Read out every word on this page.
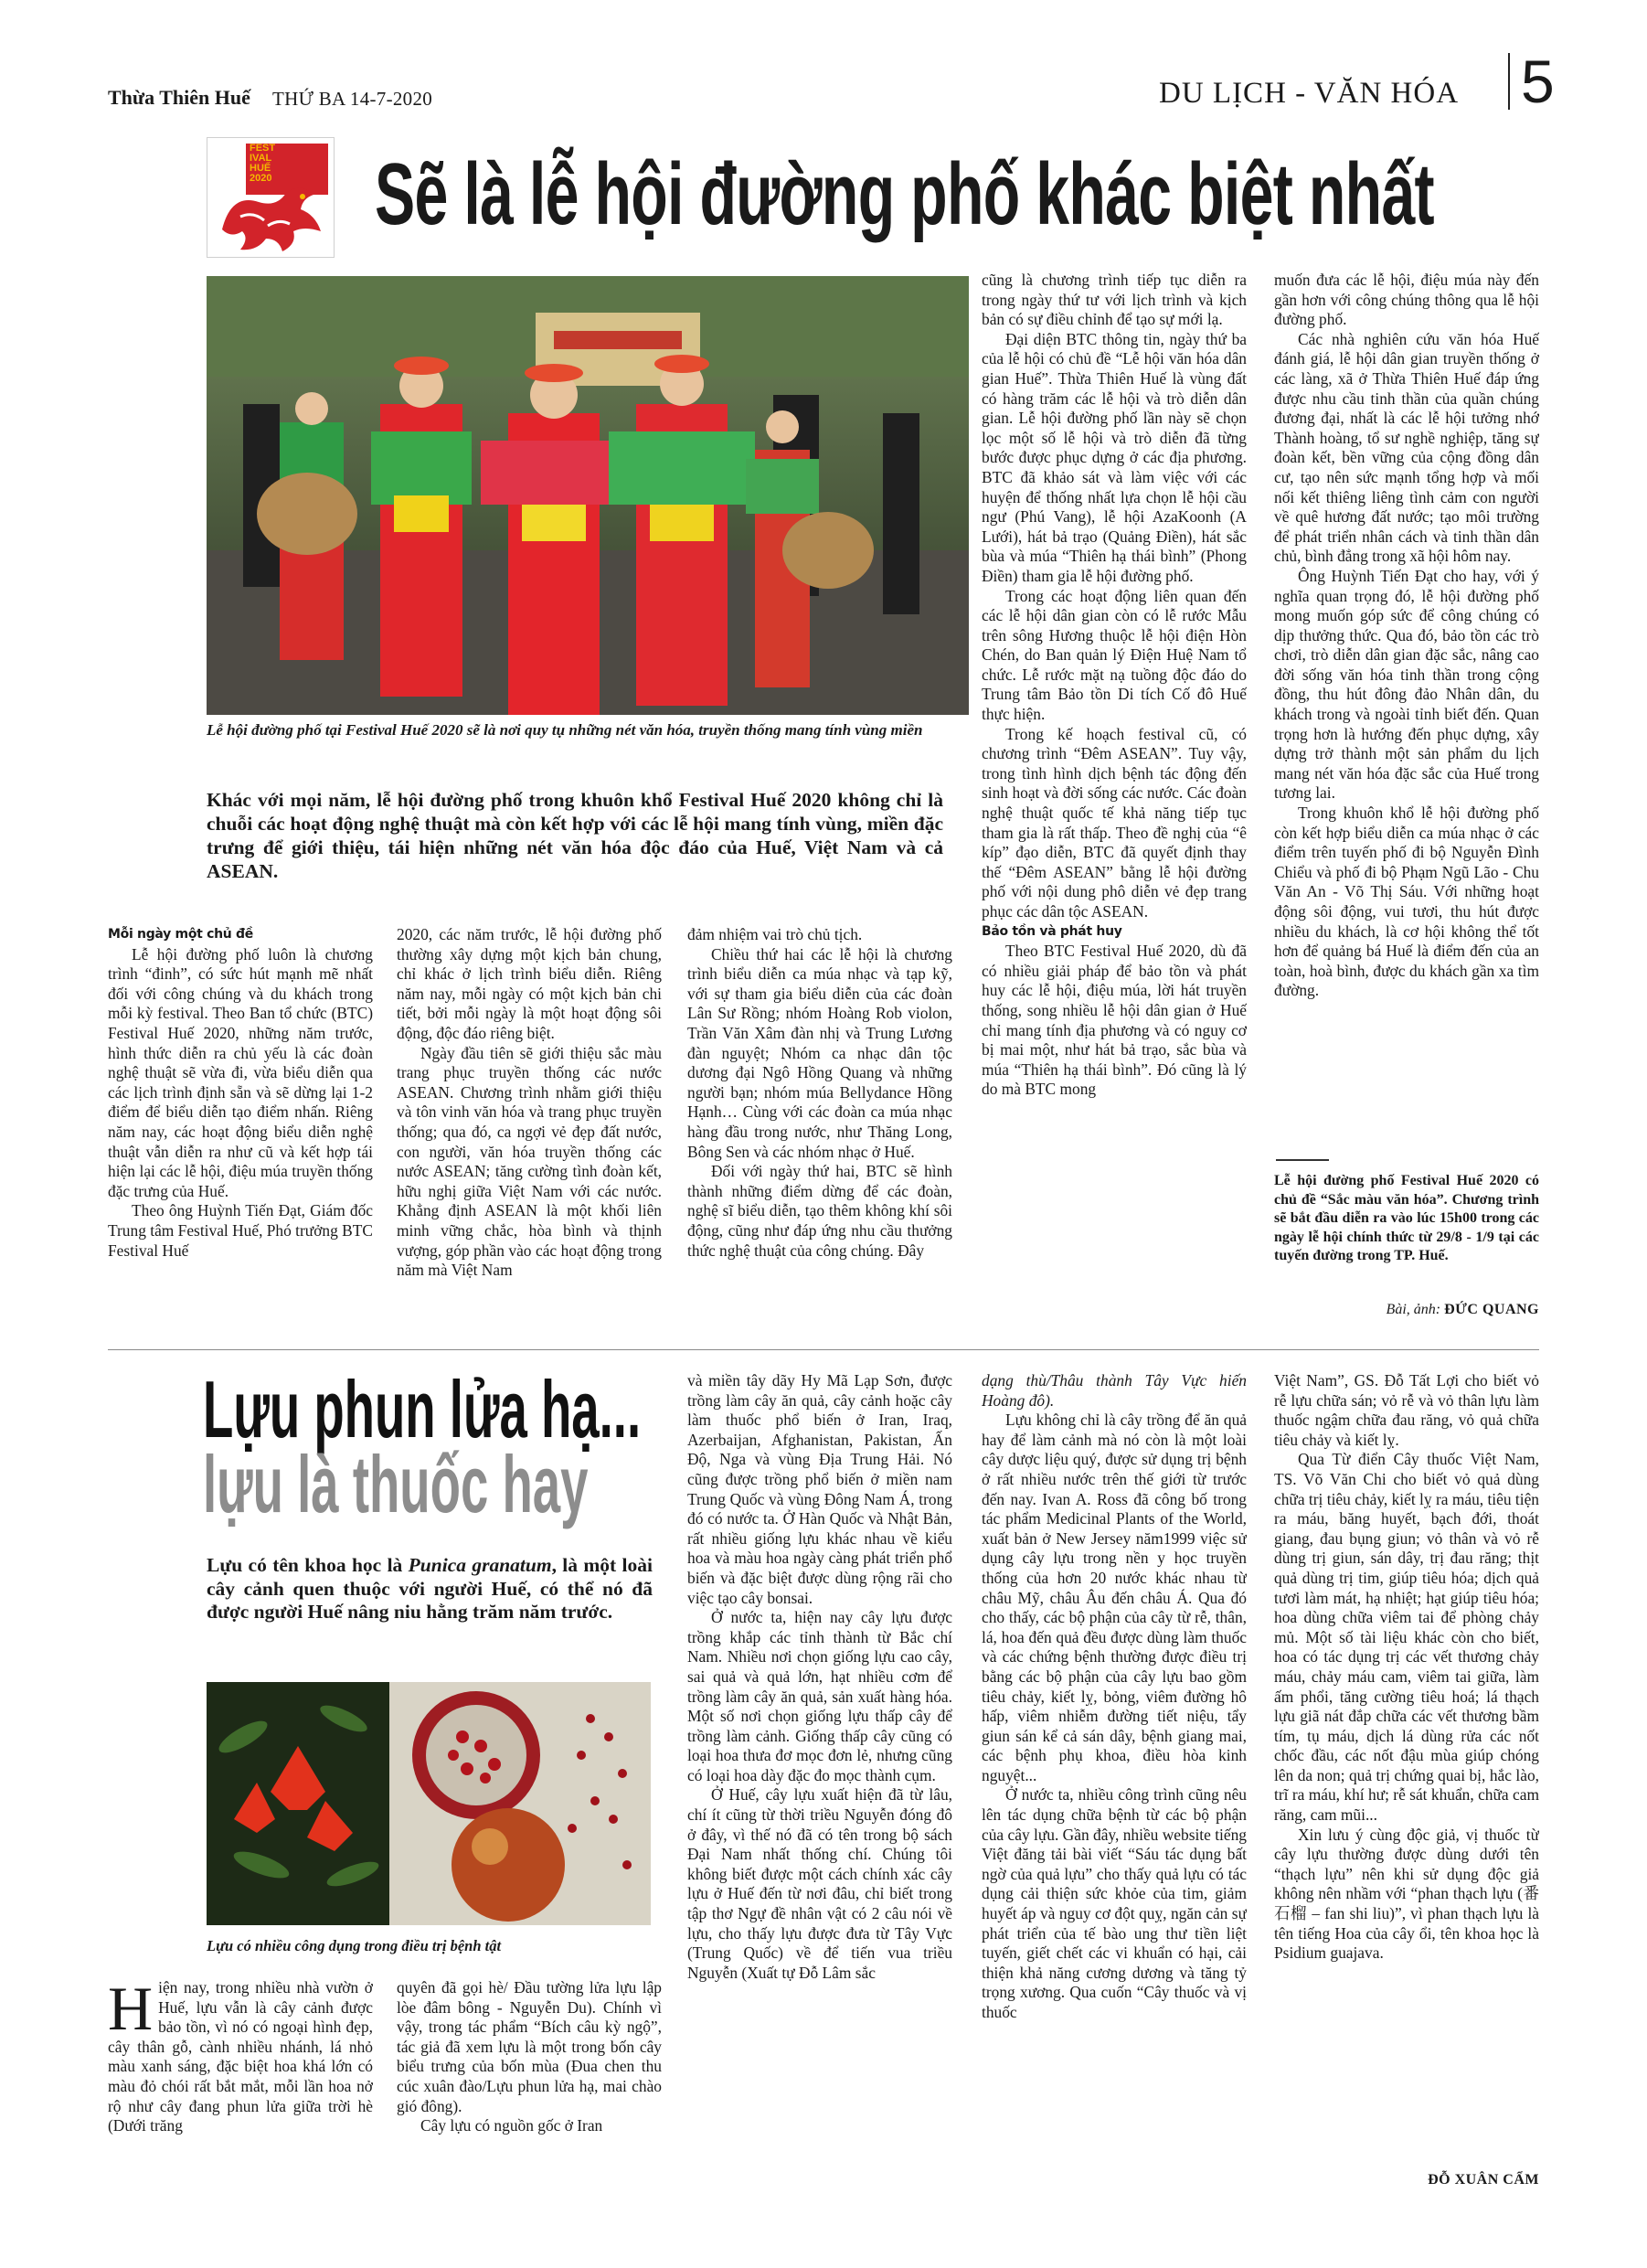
Thừa Thiên Huế THỨ BA 14-7-2020	DU LỊCH - VĂN HÓA 5
FEST
IVAL
HUẾ
2020 Sẽ là lễ hội đường phố khác biệt nhất
Lễ hội đường phố tại Festival Huế 2020 sẽ là nơi quy tụ những nét văn hóa, truyền thống mang tính vùng miền
Khác với mọi năm, lễ hội đường phố trong khuôn khổ Festival Huế 2020 không chỉ là chuỗi các hoạt động nghệ thuật mà còn kết hợp với các lễ hội mang tính vùng, miền đặc trưng để giới thiệu, tái hiện những nét văn hóa độc đáo của Huế, Việt Nam và cả ASEAN.
Mỗi ngày một chủ đề

Lễ hội đường phố luôn là chương trình “đinh”, có sức hút mạnh mẽ nhất đối với công chúng và du khách trong mỗi kỳ festival. Theo Ban tổ chức (BTC) Festival Huế 2020, những năm trước, hình thức diễn ra chủ yếu là các đoàn nghệ thuật sẽ vừa đi, vừa biểu diễn qua các lịch trình định sẵn và sẽ dừng lại 1-2 điểm để biểu diễn tạo điểm nhấn. Riêng năm nay, các hoạt động biểu diễn nghệ thuật vẫn diễn ra như cũ và kết hợp tái hiện lại các lễ hội, điệu múa truyền thống đặc trưng của Huế.

Theo ông Huỳnh Tiến Đạt, Giám đốc Trung tâm Festival Huế, Phó trưởng BTC Festival Huế

2020, các năm trước, lễ hội đường phố thường xây dựng một kịch bản chung, chỉ khác ở lịch trình biểu diễn. Riêng năm nay, mỗi ngày có một kịch bản chi tiết, bởi mỗi ngày là một hoạt động sôi động, độc đáo riêng biệt.

Ngày đầu tiên sẽ giới thiệu sắc màu trang phục truyền thống các nước ASEAN. Chương trình nhằm giới thiệu và tôn vinh văn hóa và trang phục truyền thống; qua đó, ca ngợi vẻ đẹp đất nước, con người, văn hóa truyền thống các nước ASEAN; tăng cường tình đoàn kết, hữu nghị giữa Việt Nam với các nước. Khẳng định ASEAN là một khối liên minh vững chắc, hòa bình và thịnh vượng, góp phần vào các hoạt động trong năm mà Việt Nam

đảm nhiệm vai trò chủ tịch.

Chiều thứ hai các lễ hội là chương trình biểu diễn ca múa nhạc và tạp kỹ, với sự tham gia biểu diễn của các đoàn Lân Sư Rồng; nhóm Hoàng Rob violon, Trần Văn Xâm đàn nhị và Trung Lương đàn nguyệt; Nhóm ca nhạc dân tộc dương đại Ngô Hồng Quang và những người bạn; nhóm múa Bellydance Hồng Hạnh… Cùng với các đoàn ca múa nhạc hàng đầu trong nước, như Thăng Long, Bông Sen và các nhóm nhạc ở Huế.

Đối với ngày thứ hai, BTC sẽ hình thành những điểm dừng để các đoàn, nghệ sĩ biểu diễn, tạo thêm không khí sôi động, cũng như đáp ứng nhu cầu thưởng thức nghệ thuật của công chúng. Đây

cũng là chương trình tiếp tục diễn ra trong ngày thứ tư với lịch trình và kịch bản có sự điều chỉnh để tạo sự mới lạ.

Đại diện BTC thông tin, ngày thứ ba của lễ hội có chủ đề “Lễ hội văn hóa dân gian Huế”. Thừa Thiên Huế là vùng đất có hàng trăm các lễ hội và trò diễn dân gian. Lễ hội đường phố lần này sẽ chọn lọc một số lễ hội và trò diễn đã từng bước được phục dựng ở các địa phương. BTC đã khảo sát và làm việc với các huyện để thống nhất lựa chọn lễ hội cầu ngư (Phú Vang), lễ hội AzaKoonh (A Lưới), hát bả trạo (Quảng Điền), hát sắc bùa và múa “Thiên hạ thái bình” (Phong Điền) tham gia lễ hội đường phố.

Trong các hoạt động liên quan đến các lễ hội dân gian còn có lễ rước Mẫu trên sông Hương thuộc lễ hội điện Hòn Chén, do Ban quản lý Điện Huệ Nam tổ chức. Lễ rước mặt nạ tuồng độc đáo do Trung tâm Bảo tồn Di tích Cố đô Huế thực hiện.

Trong kế hoạch festival cũ, có chương trình “Đêm ASEAN”. Tuy vậy, trong tình hình dịch bệnh tác động đến sinh hoạt và đời sống các nước. Các đoàn nghệ thuật quốc tế khả năng tiếp tục tham gia là rất thấp. Theo đề nghị của “ê kíp” đạo diễn, BTC đã quyết định thay thế “Đêm ASEAN” bằng lễ hội đường phố với nội dung phô diễn vẻ đẹp trang phục các dân tộc ASEAN.

Bảo tồn và phát huy

Theo BTC Festival Huế 2020, dù đã có nhiều giải pháp để bảo tồn và phát huy các lễ hội, điệu múa, lời hát truyền thống, song nhiều lễ hội dân gian ở Huế chỉ mang tính địa phương và có nguy cơ bị mai một, như hát bả trạo, sắc bùa và múa “Thiên hạ thái bình”. Đó cũng là lý do mà BTC mong

muốn đưa các lễ hội, điệu múa này đến gần hơn với công chúng thông qua lễ hội đường phố.

Các nhà nghiên cứu văn hóa Huế đánh giá, lễ hội dân gian truyền thống ở các làng, xã ở Thừa Thiên Huế đáp ứng được nhu cầu tinh thần của quần chúng đương đại, nhất là các lễ hội tưởng nhớ Thành hoàng, tổ sư nghề nghiệp, tăng sự đoàn kết, bền vững của cộng đồng dân cư, tạo nên sức mạnh tổng hợp và mối nối kết thiêng liêng tình cảm con người về quê hương đất nước; tạo môi trường để phát triển nhân cách và tinh thần dân chủ, bình đẳng trong xã hội hôm nay.

Ông Huỳnh Tiến Đạt cho hay, với ý nghĩa quan trọng đó, lễ hội đường phố mong muốn góp sức để công chúng có dịp thưởng thức. Qua đó, bảo tồn các trò chơi, trò diễn dân gian đặc sắc, nâng cao đời sống văn hóa tinh thần trong cộng đồng, thu hút đông đảo Nhân dân, du khách trong và ngoài tỉnh biết đến. Quan trọng hơn là hướng đến phục dựng, xây dựng trở thành một sản phẩm du lịch mang nét văn hóa đặc sắc của Huế trong tương lai.

Trong khuôn khổ lễ hội đường phố còn kết hợp biểu diễn ca múa nhạc ở các điểm trên tuyến phố đi bộ Nguyễn Đình Chiểu và phố đi bộ Phạm Ngũ Lão - Chu Văn An - Võ Thị Sáu. Với những hoạt động sôi động, vui tươi, thu hút được nhiều du khách, là cơ hội không thể tốt hơn để quảng bá Huế là điểm đến của an toàn, hoà bình, được du khách gần xa tìm đường.

Lễ hội đường phố Festival Huế 2020 có chủ đề “Sắc màu văn hóa”. Chương trình sẽ bắt đầu diễn ra vào lúc 15h00 trong các ngày lễ hội chính thức từ 29/8 - 1/9 tại các tuyến đường trong TP. Huế.
Bài, ảnh: ĐỨC QUANG
Lựu phun lửa hạ...
lựu là thuốc hay
Lựu có tên khoa học là Punica granatum, là một loài cây cảnh quen thuộc với người Huế, có thể nó đã được người Huế nâng niu hằng trăm năm trước.
Lựu có nhiều công dụng trong điều trị bệnh tật

Hiện nay, trong nhiều nhà vườn ở Huế, lựu vẫn là cây cảnh được bảo tồn, vì nó có ngoại hình đẹp, cây thân gỗ, cành nhiều nhánh, lá nhỏ màu xanh sáng, đặc biệt hoa khá lớn có màu đỏ chói rất bắt mắt, mỗi lần hoa nở rộ như cây đang phun lửa giữa trời hè (Dưới trăng

quyên đã gọi hè/ Đầu tường lửa lựu lập lòe đâm bông - Nguyễn Du). Chính vì vậy, trong tác phẩm “Bích câu kỳ ngộ”, tác giả đã xem lựu là một trong bốn cây biểu trưng của bốn mùa (Đua chen thu cúc xuân đào/Lựu phun lửa hạ, mai chào gió đông).

Cây lựu có nguồn gốc ở Iran

và miền tây dãy Hy Mã Lạp Sơn, được trồng làm cây ăn quả, cây cảnh hoặc cây làm thuốc phổ biến ở Iran, Iraq, Azerbaijan, Afghanistan, Pakistan, Ấn Độ, Nga và vùng Địa Trung Hải. Nó cũng được trồng phổ biến ở miền nam Trung Quốc và vùng Đông Nam Á, trong đó có nước ta. Ở Hàn Quốc và Nhật Bản, rất nhiều giống lựu khác nhau về kiểu hoa và màu hoa ngày càng phát triển phổ biến và đặc biệt được dùng rộng rãi cho việc tạo cây bonsai.

Ở nước ta, hiện nay cây lựu được trồng khắp các tỉnh thành từ Bắc chí Nam. Nhiều nơi chọn giống lựu cao cây, sai quả và quả lớn, hạt nhiều cơm để trồng làm cây ăn quả, sản xuất hàng hóa. Một số nơi chọn giống lựu thấp cây để trồng làm cảnh. Giống thấp cây cũng có loại hoa thưa đơ mọc đơn lẻ, nhưng cũng có loại hoa dày đặc đo mọc thành cụm.

Ở Huế, cây lựu xuất hiện đã từ lâu, chí ít cũng từ thời triều Nguyễn đóng đô ở đây, vì thế nó đã có tên trong bộ sách Đại Nam nhất thống chí. Chúng tôi không biết được một cách chính xác cây lựu ở Huế đến từ nơi đâu, chỉ biết trong tập thơ Ngự đề nhân vật có 2 câu nói về lựu, cho thấy lựu được đưa từ Tây Vực (Trung Quốc) về để tiến vua triều Nguyễn (Xuất tự Đỗ Lâm sắc

dạng thù/Thâu thành Tây Vực hiến Hoàng đô).

Lựu không chỉ là cây trồng để ăn quả hay để làm cảnh mà nó còn là một loài cây dược liệu quý, được sử dụng trị bệnh ở rất nhiều nước trên thế giới từ trước đến nay. Ivan A. Ross đã công bố trong tác phẩm Medicinal Plants of the World, xuất bản ở New Jersey năm1999 việc sử dụng cây lựu trong nền y học truyền thống của hơn 20 nước khác nhau từ châu Mỹ, châu Âu đến châu Á. Qua đó cho thấy, các bộ phận của cây từ rễ, thân, lá, hoa đến quả đều được dùng làm thuốc và các chứng bệnh thường được điều trị bằng các bộ phận của cây lựu bao gồm tiêu chảy, kiết lỵ, bỏng, viêm đường hô hấp, viêm nhiễm đường tiết niệu, tẩy giun sán kể cả sán dây, bệnh giang mai, các bệnh phụ khoa, điều hòa kinh nguyệt...

Ở nước ta, nhiều công trình cũng nêu lên tác dụng chữa bệnh từ các bộ phận của cây lựu. Gần đây, nhiều website tiếng Việt đăng tải bài viết “Sáu tác dụng bất ngờ của quả lựu” cho thấy quả lựu có tác dụng cải thiện sức khỏe của tim, giảm huyết áp và nguy cơ đột quỵ, ngăn cản sự phát triển của tế bào ung thư tiền liệt tuyến, giết chết các vi khuẩn có hại, cải thiện khả năng cương dương và tăng tỷ trọng xương. Qua cuốn “Cây thuốc và vị thuốc

Việt Nam”, GS. Đỗ Tất Lợi cho biết vỏ rễ lựu chữa sán; vỏ rễ và vỏ thân lựu làm thuốc ngậm chữa đau răng, vỏ quả chữa tiêu chảy và kiết lỵ.

Qua Từ điển Cây thuốc Việt Nam, TS. Võ Văn Chi cho biết vỏ quả dùng chữa trị tiêu chảy, kiết lỵ ra máu, tiêu tiện ra máu, băng huyết, bạch đới, thoát giang, đau bụng giun; vỏ thân và vỏ rễ dùng trị giun, sán dây, trị đau răng; thịt quả dùng trị tim, giúp tiêu hóa; dịch quả tươi làm mát, hạ nhiệt; hạt giúp tiêu hóa; hoa dùng chữa viêm tai để phòng chảy mủ. Một số tài liệu khác còn cho biết, hoa có tác dụng trị các vết thương chảy máu, chảy máu cam, viêm tai giữa, làm ấm phổi, tăng cường tiêu hoá; lá thạch lựu giã nát đắp chữa các vết thương bầm tím, tụ máu, dịch lá dùng rửa các nốt chốc đầu, các nốt đậu mùa giúp chóng lên da non; quả trị chứng quai bị, hắc lào, trĩ ra máu, khí hư; rễ sát khuẩn, chữa cam răng, cam mũi...

Xin lưu ý cùng độc giả, vị thuốc từ cây lựu thường được dùng dưới tên “thạch lựu” nên khi sử dụng độc giả không nên nhầm với “phan thạch lựu (番石榴 – fan shi liu)”, vì phan thạch lựu là tên tiếng Hoa của cây ổi, tên khoa học là Psidium guajava.

ĐỖ XUÂN CẨM
